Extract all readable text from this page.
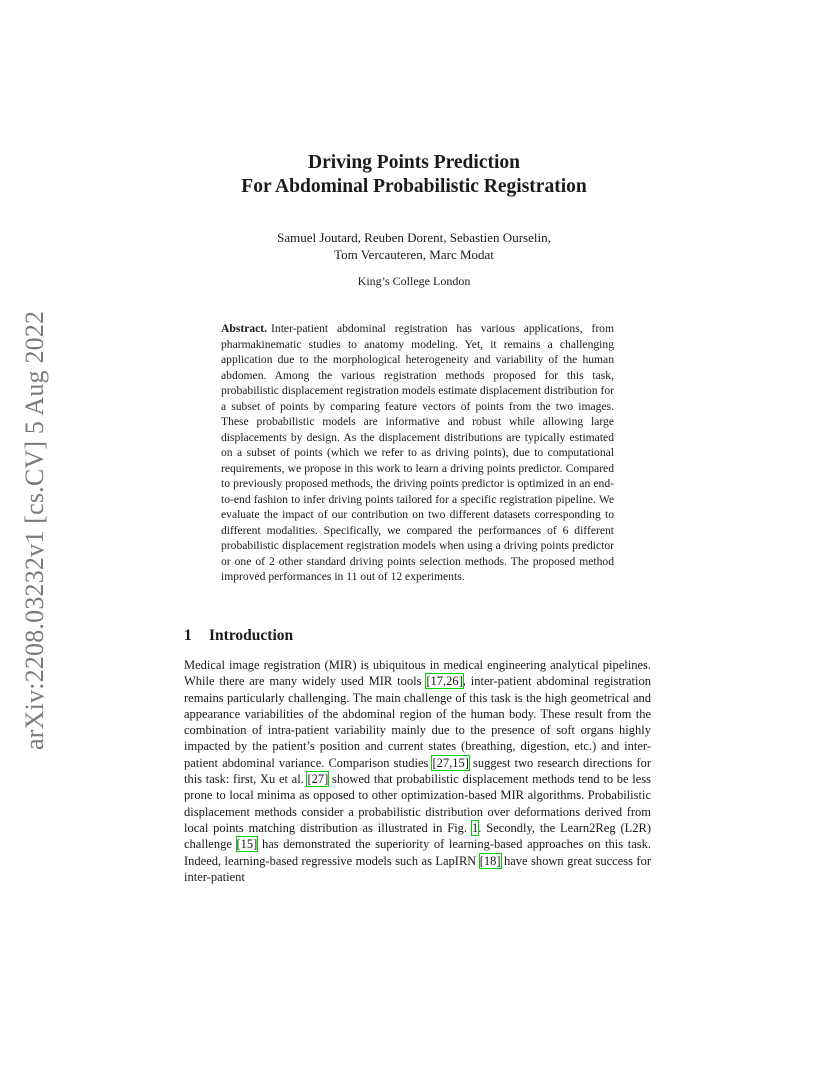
arXiv:2208.03232v1 [cs.CV] 5 Aug 2022
Driving Points Prediction
For Abdominal Probabilistic Registration
Samuel Joutard, Reuben Dorent, Sebastien Ourselin,
Tom Vercauteren, Marc Modat
King’s College London
Abstract. Inter-patient abdominal registration has various applications, from pharmakinematic studies to anatomy modeling. Yet, it remains a challenging application due to the morphological heterogeneity and variability of the human abdomen. Among the various registration methods proposed for this task, probabilistic displacement registration models estimate displacement distribution for a subset of points by comparing feature vectors of points from the two images. These probabilistic models are informative and robust while allowing large displacements by design. As the displacement distributions are typically estimated on a subset of points (which we refer to as driving points), due to computational requirements, we propose in this work to learn a driving points predictor. Compared to previously proposed methods, the driving points predictor is optimized in an end-to-end fashion to infer driving points tailored for a specific registration pipeline. We evaluate the impact of our contribution on two different datasets corresponding to different modalities. Specifically, we compared the performances of 6 different probabilistic displacement registration models when using a driving points predictor or one of 2 other standard driving points selection methods. The proposed method improved performances in 11 out of 12 experiments.
1 Introduction
Medical image registration (MIR) is ubiquitous in medical engineering analytical pipelines. While there are many widely used MIR tools [17,26], inter-patient abdominal registration remains particularly challenging. The main challenge of this task is the high geometrical and appearance variabilities of the abdominal region of the human body. These result from the combination of intra-patient variability mainly due to the presence of soft organs highly impacted by the patient’s position and current states (breathing, digestion, etc.) and inter-patient abdominal variance. Comparison studies [27,15] suggest two research directions for this task: first, Xu et al. [27] showed that probabilistic displacement methods tend to be less prone to local minima as opposed to other optimization-based MIR algorithms. Probabilistic displacement methods consider a probabilistic distribution over deformations derived from local points matching distribution as illustrated in Fig. 1. Secondly, the Learn2Reg (L2R) challenge [15] has demonstrated the superiority of learning-based approaches on this task. Indeed, learning-based regressive models such as LapIRN [18] have shown great success for inter-patient
